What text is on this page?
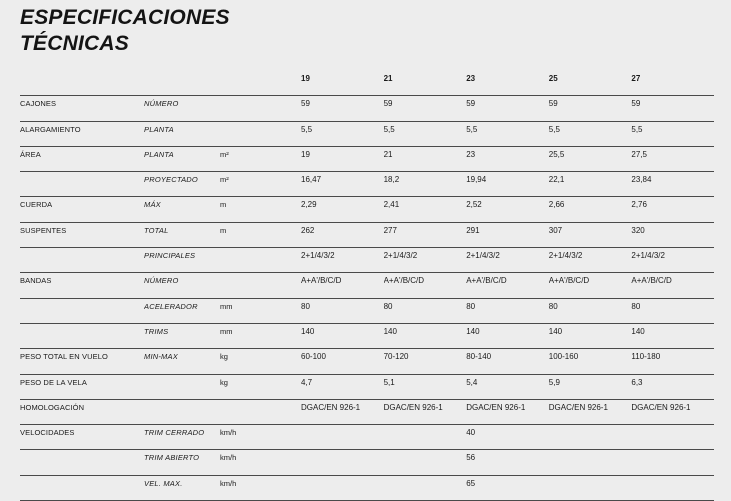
ESPECIFICACIONES
TÉCNICAS
			19	21	23	25	27
CAJONES	NÚMERO		59	59	59	59	59
ALARGAMIENTO	PLANTA		5,5	5,5	5,5	5,5	5,5
ÁREA	PLANTA	m²	19	21	23	25,5	27,5
	PROYECTADO	m²	16,47	18,2	19,94	22,1	23,84
CUERDA	MÁX	m	2,29	2,41	2,52	2,66	2,76
SUSPENTES	TOTAL	m	262	277	291	307	320
	PRINCIPALES		2+1/4/3/2	2+1/4/3/2	2+1/4/3/2	2+1/4/3/2	2+1/4/3/2
BANDAS	NÚMERO		A+A'/B/C/D	A+A'/B/C/D	A+A'/B/C/D	A+A'/B/C/D	A+A'/B/C/D
	ACELERADOR	mm	80	80	80	80	80
	TRIMS	mm	140	140	140	140	140
PESO TOTAL EN VUELO	MIN-MAX	kg	60-100	70-120	80-140	100-160	110-180
PESO DE LA VELA		kg	4,7	5,1	5,4	5,9	6,3
HOMOLOGACIÓN			DGAC/EN 926-1	DGAC/EN 926-1	DGAC/EN 926-1	DGAC/EN 926-1	DGAC/EN 926-1
VELOCIDADES	TRIM CERRADO	km/h			40		
	TRIM ABIERTO	km/h			56		
	VEL. MAX.	km/h			65		
